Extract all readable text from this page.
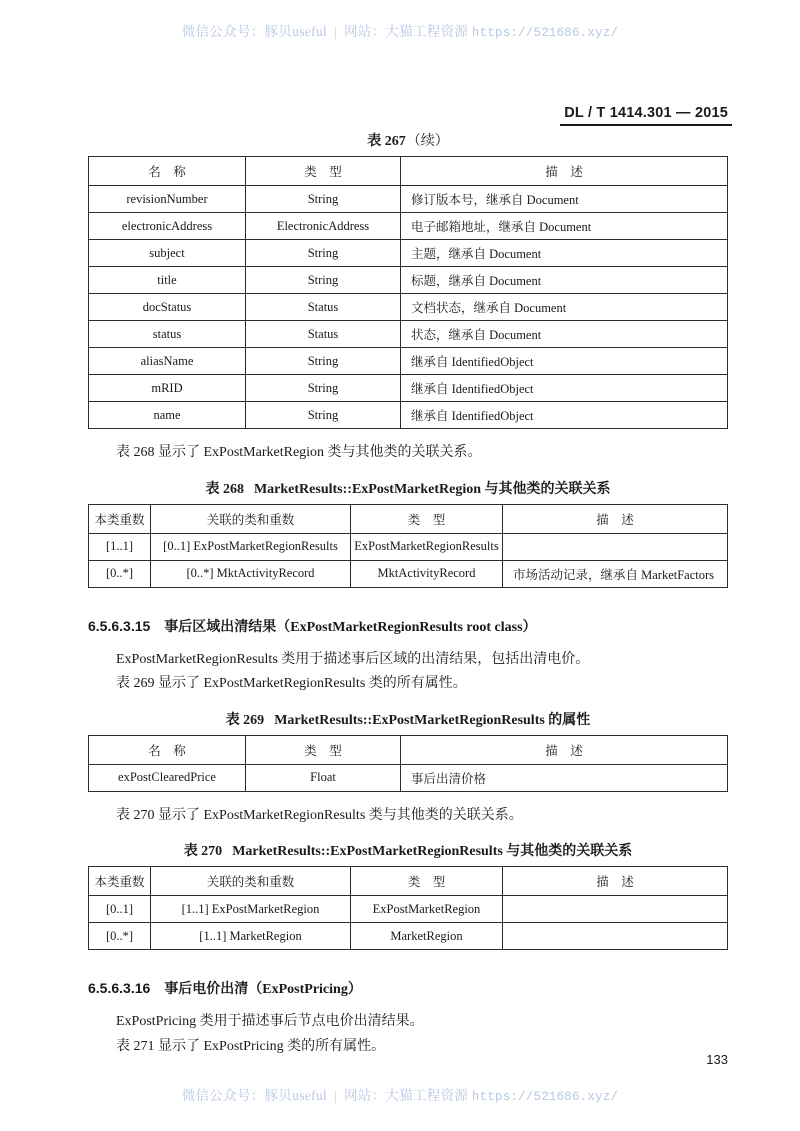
微信公众号：豚贝useful | 网站：大猫工程资源 https://521686.xyz/
DL / T 1414.301 — 2015
表 267（续）
名　称	类　型	描　述
revisionNumber	String	修订版本号，继承自 Document
electronicAddress	ElectronicAddress	电子邮箱地址，继承自 Document
subject	String	主题，继承自 Document
title	String	标题，继承自 Document
docStatus	Status	文档状态，继承自 Document
status	Status	状态，继承自 Document
aliasName	String	继承自 IdentifiedObject
mRID	String	继承自 IdentifiedObject
name	String	继承自 IdentifiedObject

表 268 显示了 ExPostMarketRegion 类与其他类的关联关系。

表 268 MarketResults::ExPostMarketRegion 与其他类的关联关系
本类重数	关联的类和重数	类　型	描　述
[1..1]	[0..1] ExPostMarketRegionResults	ExPostMarketRegionResults	
[0..*]	[0..*] MktActivityRecord	MktActivityRecord	市场活动记录，继承自 MarketFactors

6.5.6.3.15 事后区域出清结果（ExPostMarketRegionResults root class）

ExPostMarketRegionResults 类用于描述事后区域的出清结果，包括出清电价。

表 269 显示了 ExPostMarketRegionResults 类的所有属性。

表 269 MarketResults::ExPostMarketRegionResults 的属性
名　称	类　型	描　述
exPostClearedPrice	Float	事后出清价格

表 270 显示了 ExPostMarketRegionResults 类与其他类的关联关系。

表 270 MarketResults::ExPostMarketRegionResults 与其他类的关联关系
本类重数	关联的类和重数	类　型	描　述
[0..1]	[1..1] ExPostMarketRegion	ExPostMarketRegion	
[0..*]	[1..1] MarketRegion	MarketRegion	

6.5.6.3.16 事后电价出清（ExPostPricing）

ExPostPricing 类用于描述事后节点电价出清结果。

表 271 显示了 ExPostPricing 类的所有属性。

133
微信公众号：豚贝useful | 网站：大猫工程资源 https://521686.xyz/
